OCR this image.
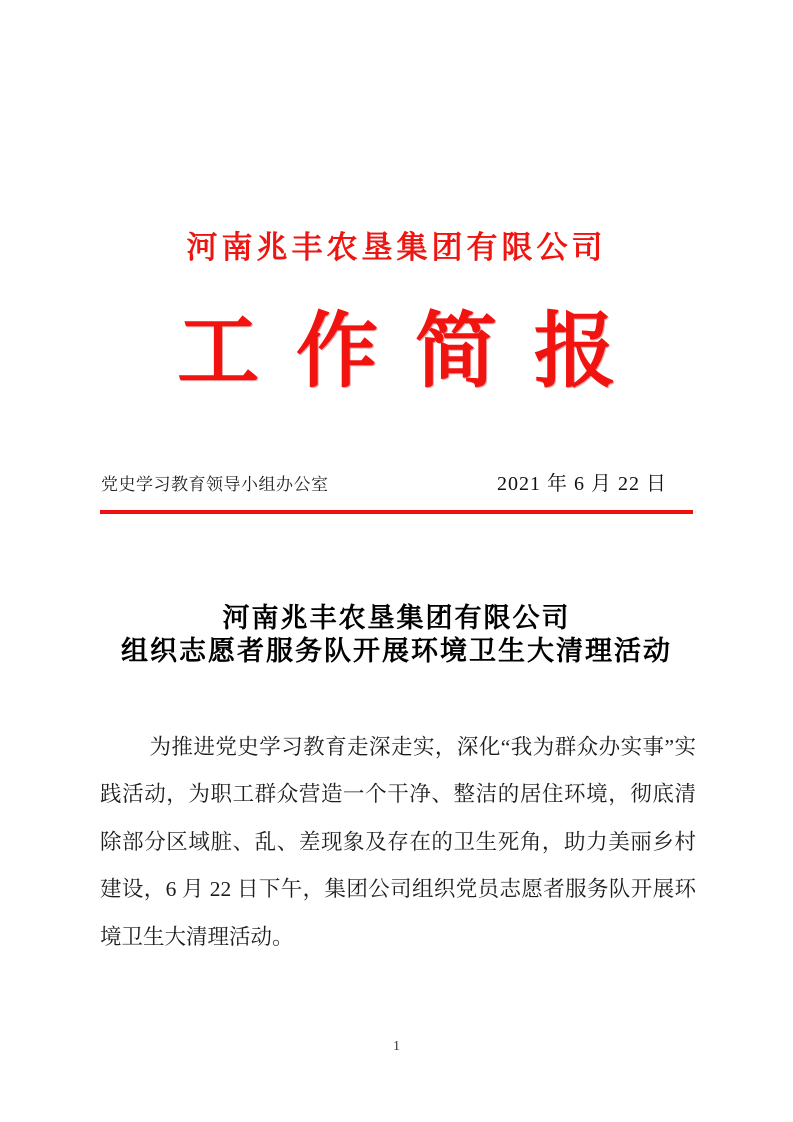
河南兆丰农垦集团有限公司
工作简报
党史学习教育领导小组办公室	2021 年 6 月 22 日
河南兆丰农垦集团有限公司
组织志愿者服务队开展环境卫生大清理活动

为推进党史学习教育走深走实，深化“我为群众办实事”实践活动，为职工群众营造一个干净、整洁的居住环境，彻底清除部分区域脏、乱、差现象及存在的卫生死角，助力美丽乡村建设，6 月 22 日下午，集团公司组织党员志愿者服务队开展环境卫生大清理活动。

1
